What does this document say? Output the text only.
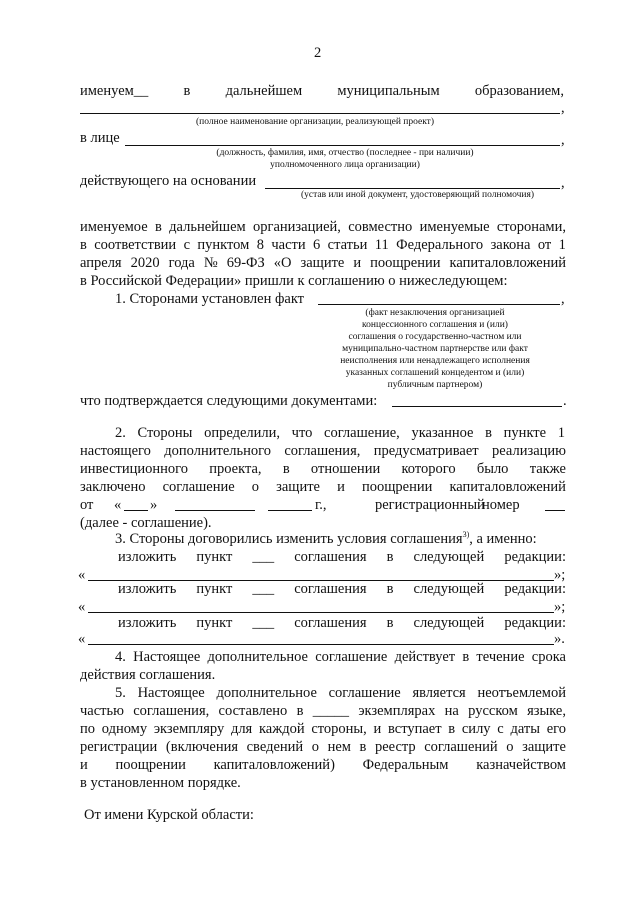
2
именуем__ в дальнейшем муниципальным образованием,
,
(полное наименование организации, реализующей проект)
в лице	,
(должность, фамилия, имя, отчество (последнее - при наличии)
уполномоченного лица организации)
действующего на основании	,
(устав или иной документ, удостоверяющий полномочия)
именуемое в дальнейшем организацией, совместно именуемые сторонами,
в соответствии с пунктом 8 части 6 статьи 11 Федерального закона от 1
апреля 2020 года № 69-ФЗ «О защите и поощрении капиталовложений
в Российской Федерации» пришли к соглашению о нижеследующем:
1. Сторонами установлен факт	,
(факт незаключения организацией
концессионного соглашения и (или)
соглашения о государственно-частном или
муниципально-частном партнерстве или факт
неисполнения или ненадлежащего исполнения
указанных соглашений концедентом и (или)
публичным партнером)
что подтверждается следующими документами:	.
2. Стороны определили, что соглашение, указанное в пункте 1
настоящего дополнительного соглашения, предусматривает реализацию
инвестиционного проекта, в отношении которого было также
заключено соглашение о защите и поощрении капиталовложений
от « »	г.,	регистрационный
номер
(далее - соглашение).
3. Стороны договорились изменить условия соглашения$^{3)}$, а именно:
изложить пункт ___ соглашения в следующей редакции:
«	»;
изложить пункт ___ соглашения в следующей редакции:
«	»;
изложить пункт ___ соглашения в следующей редакции:
«	».
4. Настоящее дополнительное соглашение действует в течение срока
действия соглашения.
5. Настоящее дополнительное соглашение является неотъемлемой
частью соглашения, составлено в _____ экземплярах на русском языке,
по одному экземпляру для каждой стороны, и вступает в силу с даты его
регистрации (включения сведений о нем в реестр соглашений о защите
и поощрении капиталовложений) Федеральным казначейством
в установленном порядке.
От имени Курской области:
